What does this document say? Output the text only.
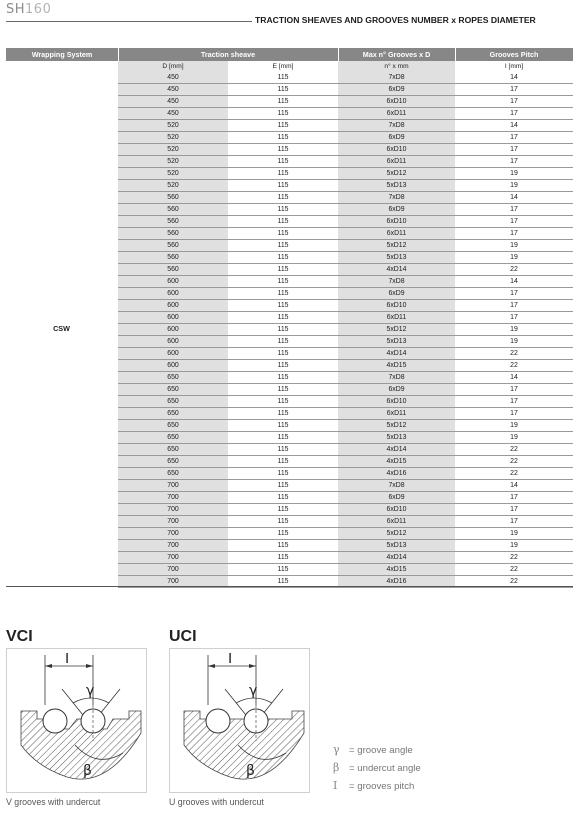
SH160
TRACTION SHEAVES AND GROOVES NUMBER x ROPES DIAMETER
Wrapping System	Traction sheave	Max n° Grooves x D	Grooves Pitch
D [mm]	E [mm]	n° x mm	I [mm]
450	115	7xD8	14
450	115	6xD9	17
450	115	6xD10	17
450	115	6xD11	17
520	115	7xD8	14
520	115	6xD9	17
520	115	6xD10	17
520	115	6xD11	17
520	115	5xD12	19
520	115	5xD13	19
560	115	7xD8	14
560	115	6xD9	17
560	115	6xD10	17
560	115	6xD11	17
560	115	5xD12	19
560	115	5xD13	19
560	115	4xD14	22
600	115	7xD8	14
600	115	6xD9	17
600	115	6xD10	17
600	115	6xD11	17
600	115	5xD12	19
600	115	5xD13	19
600	115	4xD14	22
600	115	4xD15	22
650	115	7xD8	14
650	115	6xD9	17
650	115	6xD10	17
650	115	6xD11	17
650	115	5xD12	19
650	115	5xD13	19
650	115	4xD14	22
650	115	4xD15	22
650	115	4xD16	22
700	115	7xD8	14
700	115	6xD9	17
700	115	6xD10	17
700	115	6xD11	17
700	115	5xD12	19
700	115	5xD13	19
700	115	4xD14	22
700	115	4xD15	22
700	115	4xD16	22
CSW
VCI
I
γ
β
V grooves with undercut
UCI
I
γ
β
U grooves with undercut
γ = groove angle
β = undercut angle
I = grooves pitch
